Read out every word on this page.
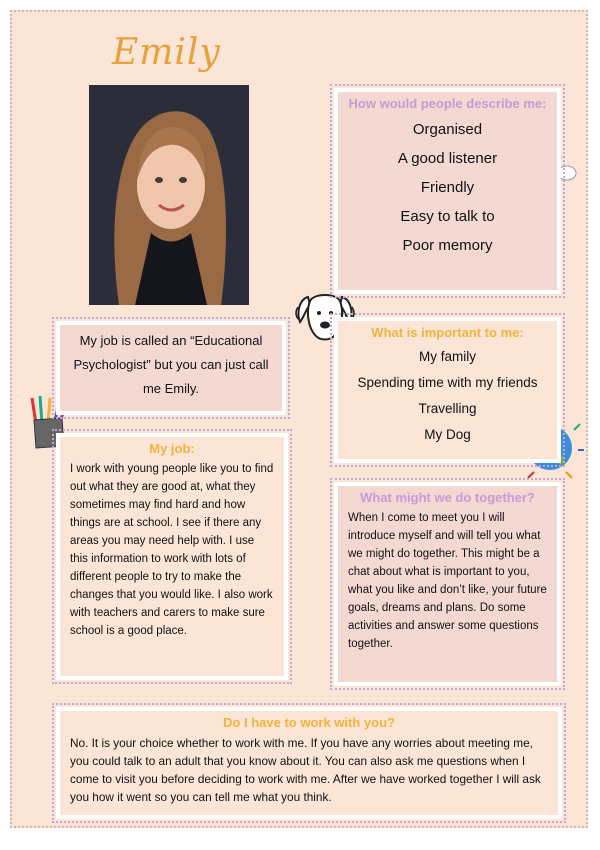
Emily
How would people describe me:
Organised
A good listener
Friendly
Easy to talk to
Poor memory
My job is called an “Educational Psychologist” but you can just call me Emily.
What is important to me:
My family
Spending time with my friends
Travelling
My Dog
My job:
I work with young people like you to find out what they are good at, what they sometimes may find hard and how things are at school. I see if there any areas you may need help with. I use this information to work with lots of different people to try to make the changes that you would like. I also work with teachers and carers to make sure school is a good place.
What might we do together?
When I come to meet you I will introduce myself and will tell you what we might do together. This might be a chat about what is important to you, what you like and don’t like, your future goals, dreams and plans. Do some activities and answer some questions together.
Do I have to work with you?
No. It is your choice whether to work with me. If you have any worries about meeting me, you could talk to an adult that you know about it. You can also ask me questions when I come to visit you before deciding to work with me. After we have worked together I will ask you how it went so you can tell me what you think.
